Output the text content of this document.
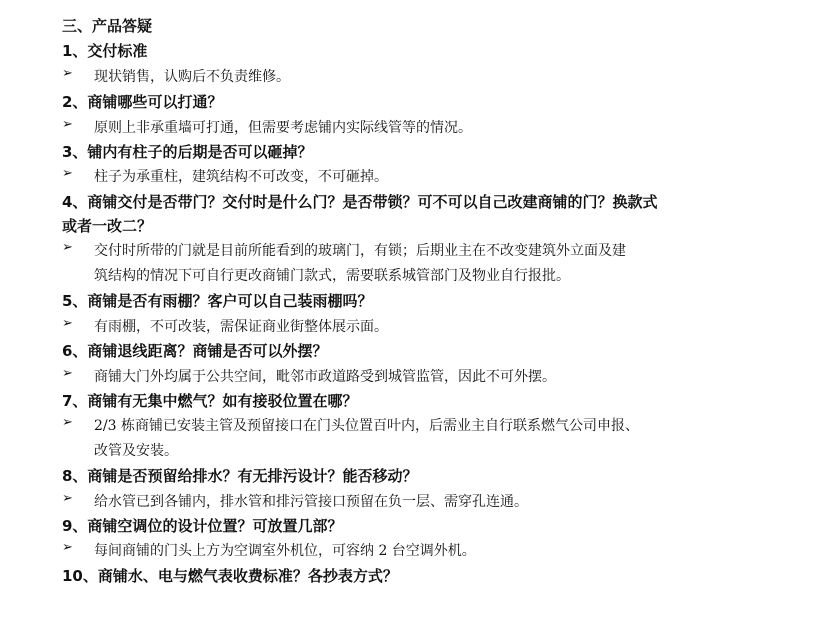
三、产品答疑
1、交付标准
➢ 现状销售，认购后不负责维修。
2、商铺哪些可以打通？
➢ 原则上非承重墙可打通，但需要考虑铺内实际线管等的情况。
3、铺内有柱子的后期是否可以砸掉？
➢ 柱子为承重柱，建筑结构不可改变，不可砸掉。
4、商铺交付是否带门？交付时是什么门？是否带锁？可不可以自己改建商铺的门？换款式
或者一改二？
➢ 交付时所带的门就是目前所能看到的玻璃门，有锁；后期业主在不改变建筑外立面及建
筑结构的情况下可自行更改商铺门款式，需要联系城管部门及物业自行报批。
5、商铺是否有雨棚？客户可以自己装雨棚吗？
➢ 有雨棚，不可改装，需保证商业街整体展示面。
6、商铺退线距离？商铺是否可以外摆？
➢ 商铺大门外均属于公共空间，毗邻市政道路受到城管监管，因此不可外摆。
7、商铺有无集中燃气？如有接驳位置在哪？
➢ 2/3 栋商铺已安装主管及预留接口在门头位置百叶内，后需业主自行联系燃气公司申报、
改管及安装。
8、商铺是否预留给排水？有无排污设计？能否移动？
➢ 给水管已到各铺内，排水管和排污管接口预留在负一层、需穿孔连通。
9、商铺空调位的设计位置？可放置几部？
➢ 每间商铺的门头上方为空调室外机位，可容纳 2 台空调外机。
10、商铺水、电与燃气表收费标准？各抄表方式？
